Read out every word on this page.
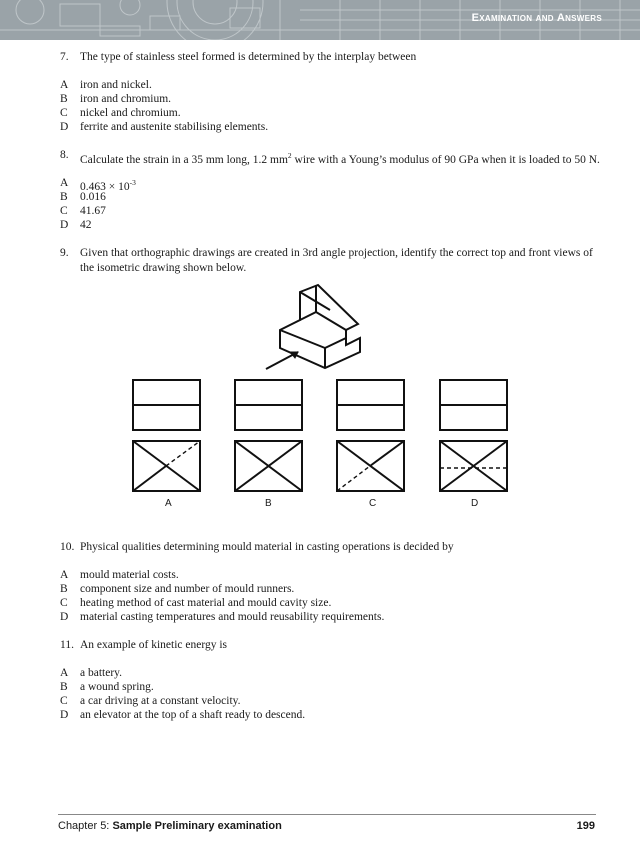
Examination and Answers
7. The type of stainless steel formed is determined by the interplay between
A iron and nickel.
B iron and chromium.
C nickel and chromium.
D ferrite and austenite stabilising elements.
8. Calculate the strain in a 35 mm long, 1.2 $mm^2$ wire with a Young’s modulus of 90 GPa when it is loaded to 50 N.
A $0.463 \times 10^{-3}$
B 0.016
C 41.67
D 42
9. Given that orthographic drawings are created in 3rd angle projection, identify the correct top and front views of the isometric drawing shown below.
A	B	C	D
10. Physical qualities determining mould material in casting operations is decided by
A mould material costs.
B component size and number of mould runners.
C heating method of cast material and mould cavity size.
D material casting temperatures and mould reusability requirements.
11. An example of kinetic energy is
A a battery.
B a wound spring.
C a car driving at a constant velocity.
D an elevator at the top of a shaft ready to descend.
Chapter 5: Sample Preliminary examination	199
